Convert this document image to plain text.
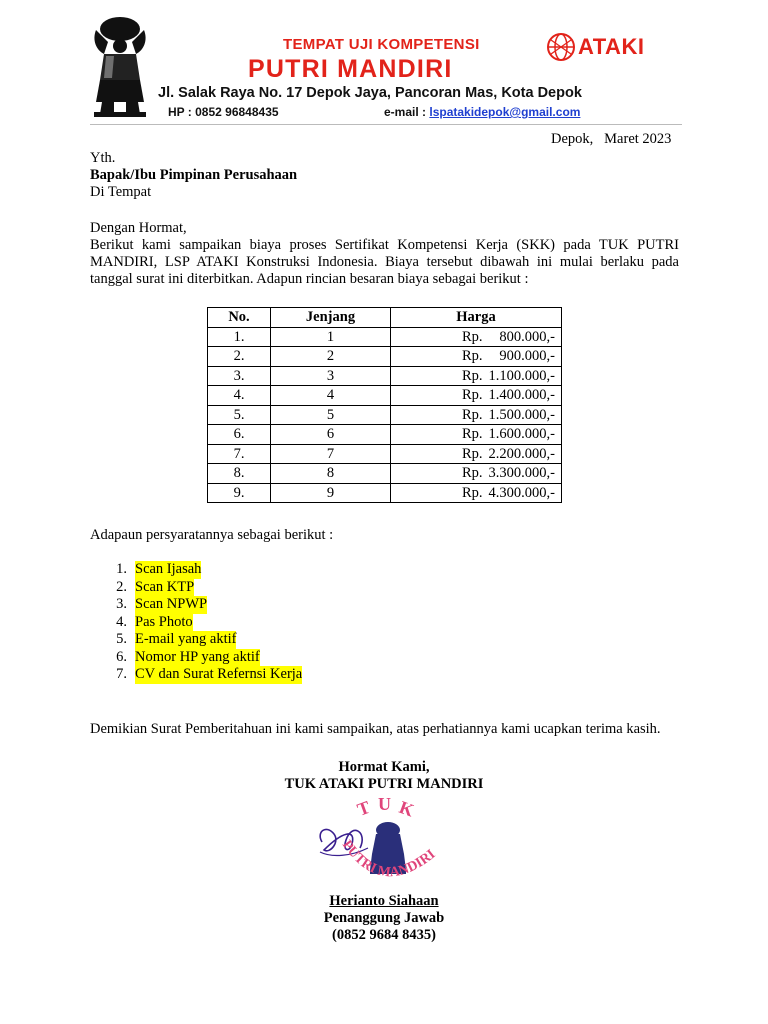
TEMPAT UJI KOMPETENSI
PUTRI MANDIRI
Jl. Salak Raya No. 17 Depok Jaya, Pancoran Mas, Kota Depok
HP : 0852 96848435	e-mail : lspatakidepok@gmail.com
ATAKI
Depok,   Maret 2023
Yth.
Bapak/Ibu Pimpinan Perusahaan
Di Tempat
Dengan Hormat,
Berikut kami sampaikan biaya proses Sertifikat Kompetensi Kerja (SKK) pada TUK PUTRI MANDIRI, LSP ATAKI Konstruksi Indonesia. Biaya tersebut dibawah ini mulai berlaku pada tanggal surat ini diterbitkan. Adapun rincian besaran biaya sebagai berikut :
No.	Jenjang	Harga
1.	1	Rp. 800.000,-

2.	2	Rp. 900.000,-

3.	3	Rp. 1.100.000,-

4.	4	Rp. 1.400.000,-

5.	5	Rp. 1.500.000,-

6.	6	Rp. 1.600.000,-

7.	7	Rp. 2.200.000,-

8.	8	Rp. 3.300.000,-

9.	9	Rp. 4.300.000,-
Adapaun persyaratannya sebagai berikut :
1. Scan Ijasah
2. Scan KTP
3. Scan NPWP
4. Pas Photo
5. E-mail yang aktif
6. Nomor HP yang aktif
7. CV dan Surat Refernsi Kerja
Demikian Surat Pemberitahuan ini kami sampaikan, atas perhatiannya kami ucapkan terima kasih.
Hormat Kami,
TUK ATAKI PUTRI MANDIRI
T U K
PUTRI MANDIRI
Herianto Siahaan
Penanggung Jawab
(0852 9684 8435)
